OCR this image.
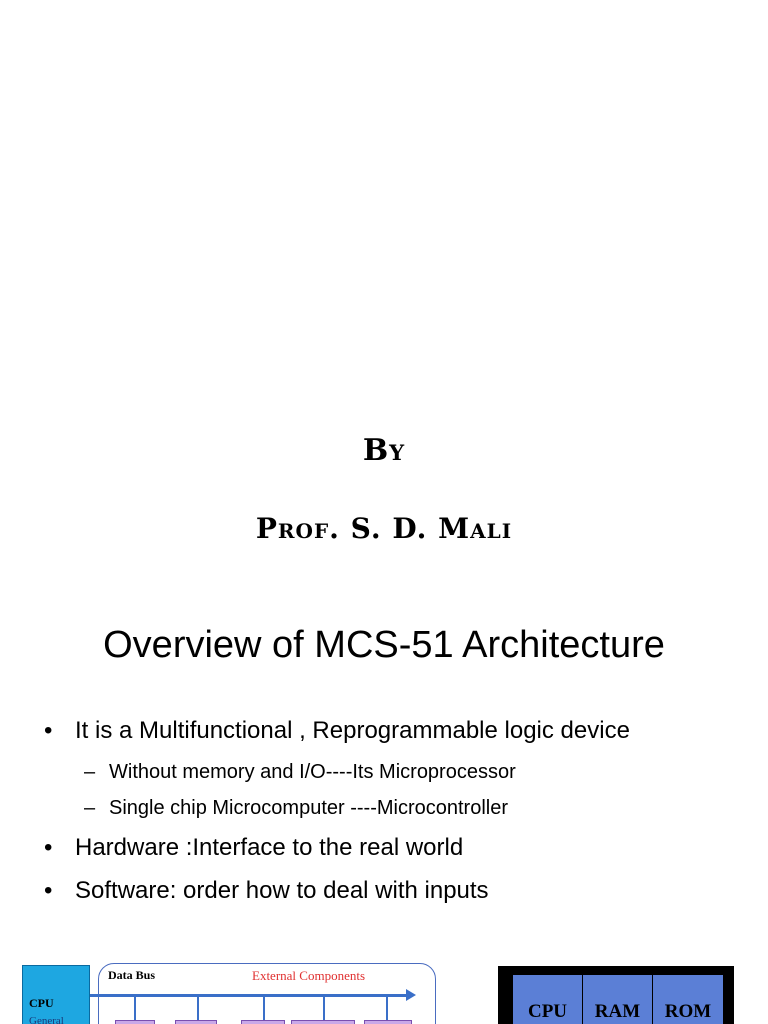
By
Prof. S. D. Mali
Overview of MCS-51 Architecture
• It is a Multifunctional , Reprogrammable logic device
– Without memory and I/O----Its Microprocessor
– Single chip Microcomputer ----Microcontroller
• Hardware :Interface to the real world
• Software: order how to deal with inputs
CPU
General
Data Bus	External Components
CPU	RAM	ROM
